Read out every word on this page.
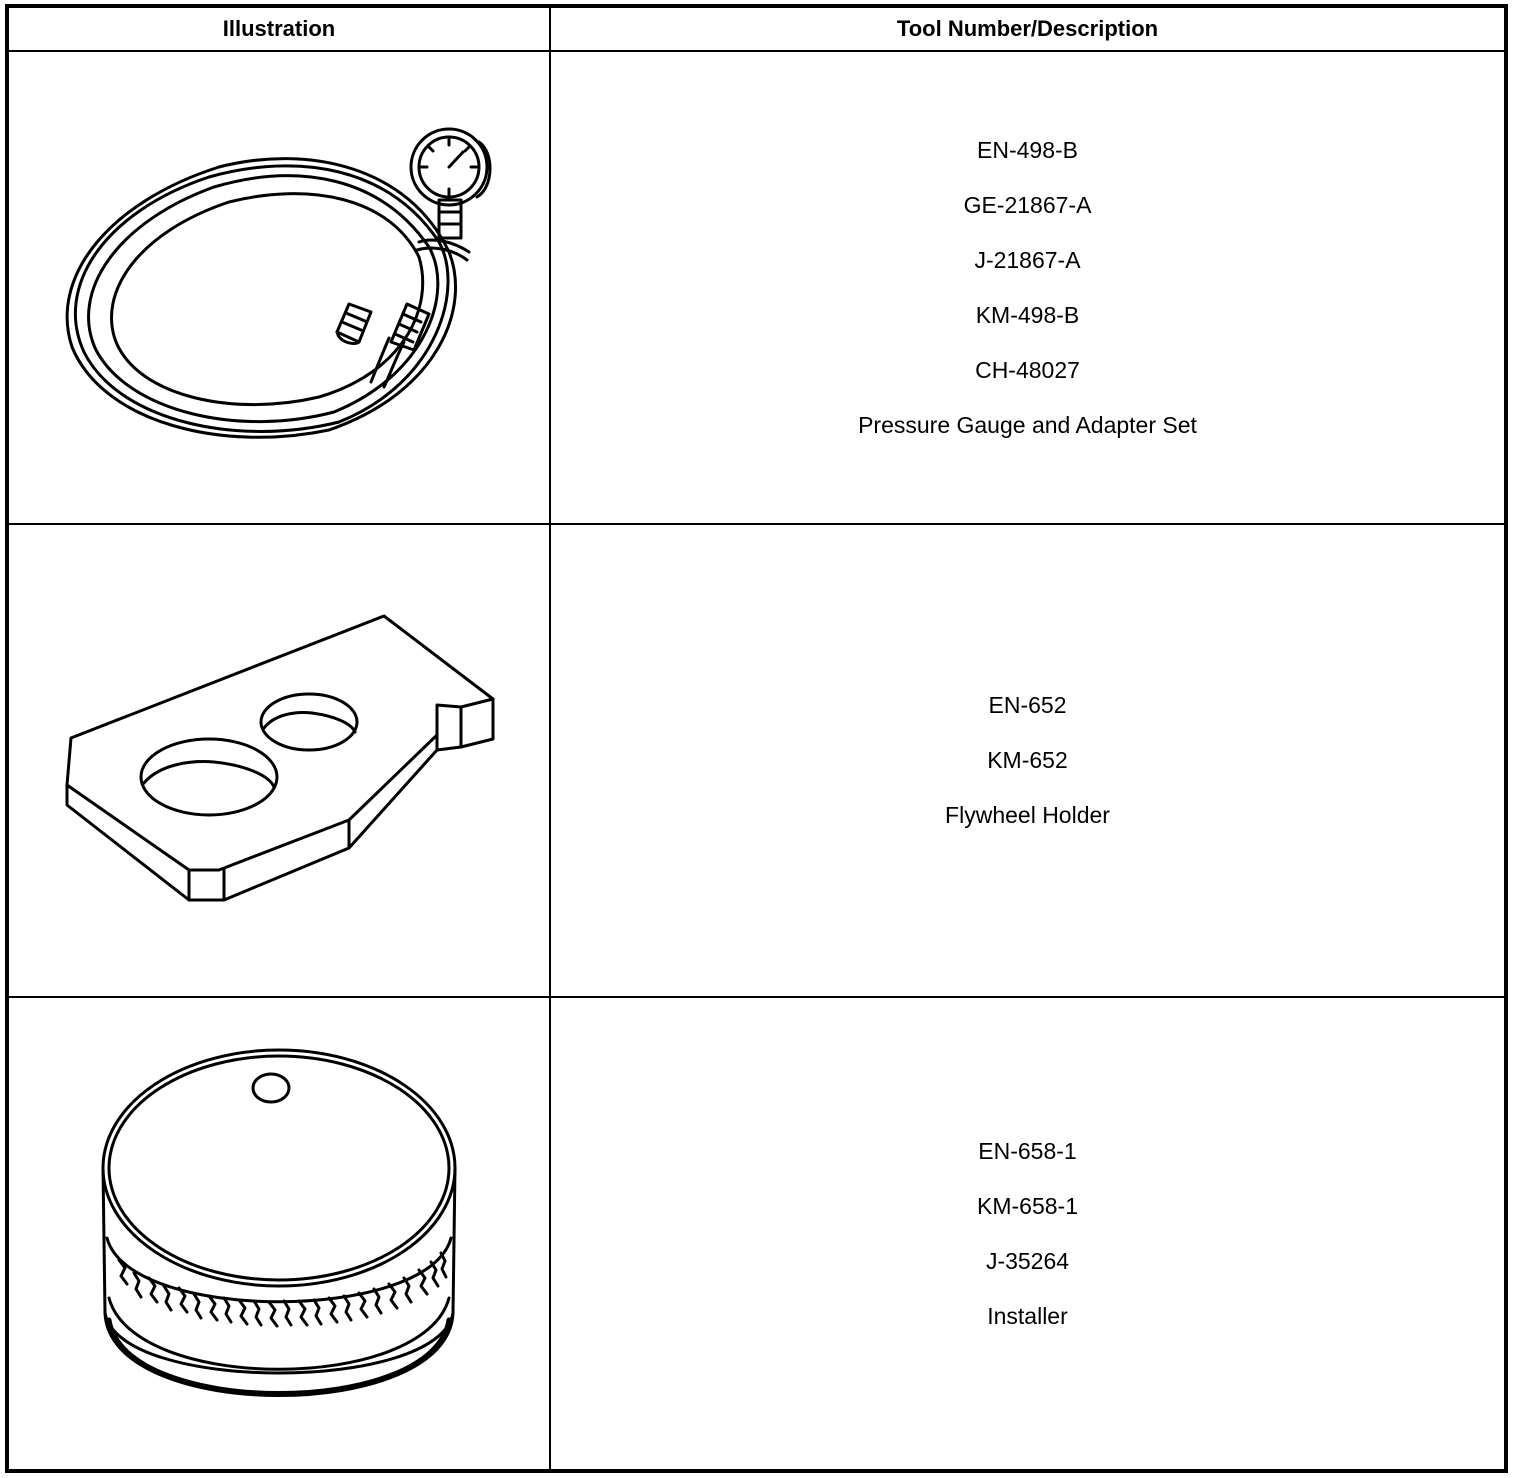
Illustration	Tool Number/Description
EN-498-B
GE-21867-A
J-21867-A
KM-498-B
CH-48027
Pressure Gauge and Adapter Set
EN-652
KM-652
Flywheel Holder
EN-658-1
KM-658-1
J-35264
Installer
